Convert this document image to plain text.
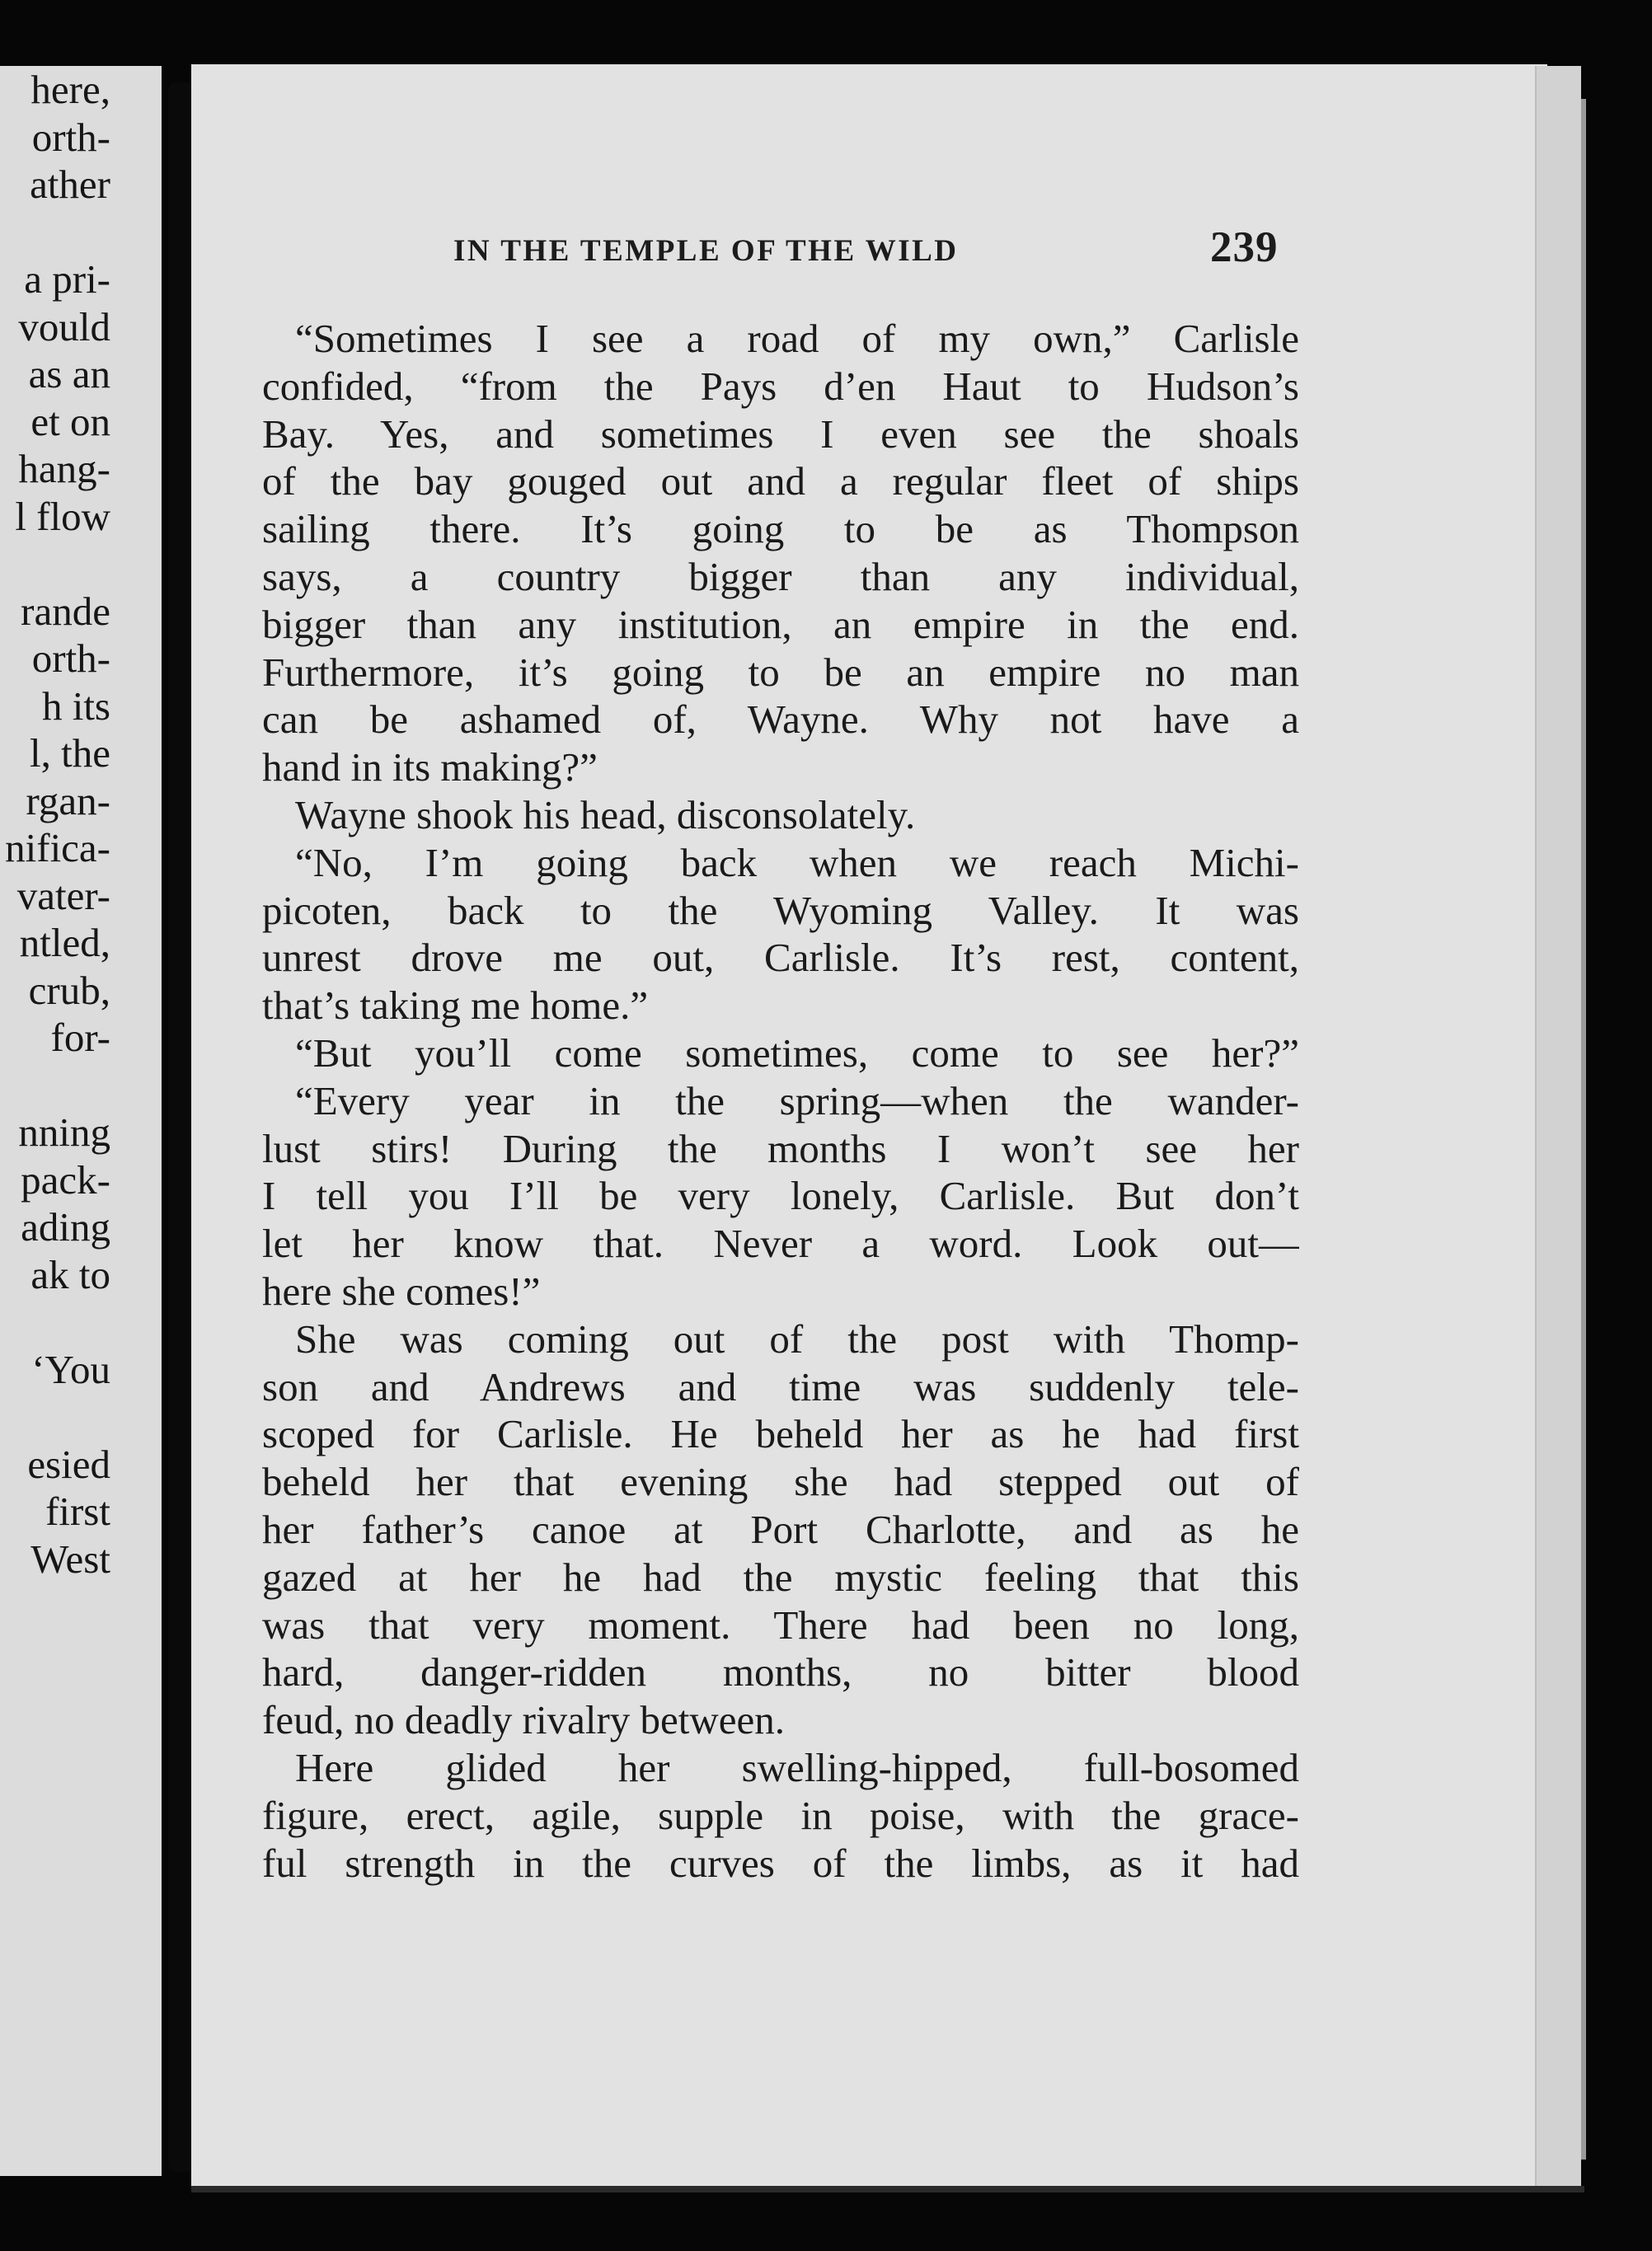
here,
orth-
ather

a pri-
vould
as an
et on
hang-
l flow

rande
orth-
h its
l, the
rgan-
nifica-
vater-
ntled,
crub,
for-

nning
pack-
ading
ak to

‘You

esied
first
West
IN THE TEMPLE OF THE WILD	239
“Sometimes I see a road of my own,” Carlisle
confided, “from the Pays d’en Haut to Hudson’s
Bay. Yes, and sometimes I even see the shoals
of the bay gouged out and a regular fleet of ships
sailing there. It’s going to be as Thompson
says, a country bigger than any individual,
bigger than any institution, an empire in the end.
Furthermore, it’s going to be an empire no man
can be ashamed of, Wayne. Why not have a
hand in its making?”
Wayne shook his head, disconsolately.
“No, I’m going back when we reach Michi-
picoten, back to the Wyoming Valley. It was
unrest drove me out, Carlisle. It’s rest, content,
that’s taking me home.”
“But you’ll come sometimes, come to see her?”
“Every year in the spring—when the wander-
lust stirs! During the months I won’t see her
I tell you I’ll be very lonely, Carlisle. But don’t
let her know that. Never a word. Look out—
here she comes!”
She was coming out of the post with Thomp-
son and Andrews and time was suddenly tele-
scoped for Carlisle. He beheld her as he had first
beheld her that evening she had stepped out of
her father’s canoe at Port Charlotte, and as he
gazed at her he had the mystic feeling that this
was that very moment. There had been no long,
hard, danger-ridden months, no bitter blood
feud, no deadly rivalry between.
Here glided her swelling-hipped, full-bosomed
figure, erect, agile, supple in poise, with the grace-
ful strength in the curves of the limbs, as it had
